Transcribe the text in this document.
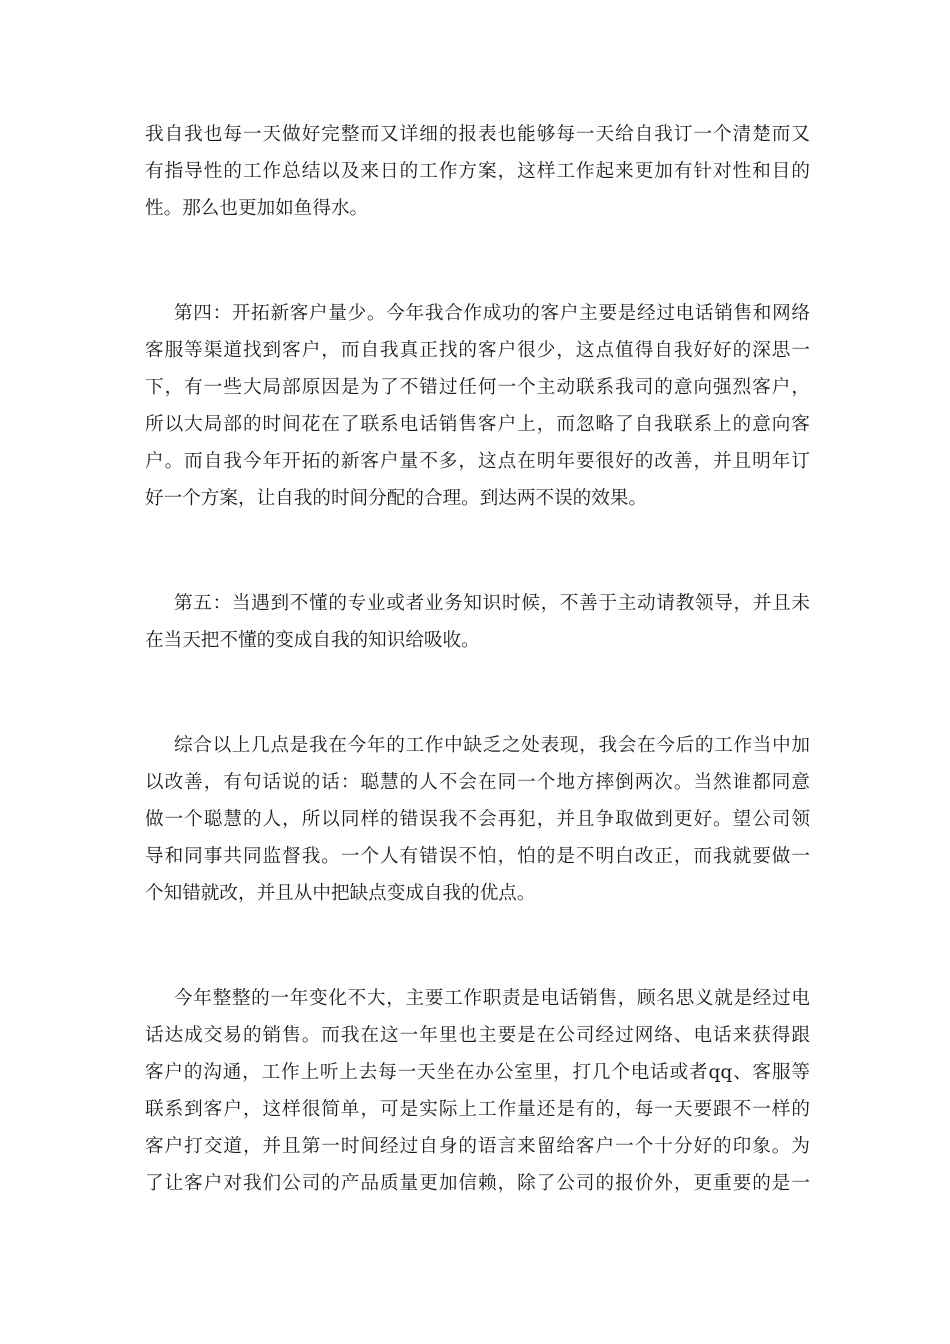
我自我也每一天做好完整而又详细的报表也能够每一天给自我订一个清楚而又
有指导性的工作总结以及来日的工作方案，这样工作起来更加有针对性和目的
性。那么也更加如鱼得水。
第四：开拓新客户量少。今年我合作成功的客户主要是经过电话销售和网络
客服等渠道找到客户，而自我真正找的客户很少，这点值得自我好好的深思一
下，有一些大局部原因是为了不错过任何一个主动联系我司的意向强烈客户，
所以大局部的时间花在了联系电话销售客户上，而忽略了自我联系上的意向客
户。而自我今年开拓的新客户量不多，这点在明年要很好的改善，并且明年订
好一个方案，让自我的时间分配的合理。到达两不误的效果。
第五：当遇到不懂的专业或者业务知识时候，不善于主动请教领导，并且未
在当天把不懂的变成自我的知识给吸收。
综合以上几点是我在今年的工作中缺乏之处表现，我会在今后的工作当中加
以改善，有句话说的话：聪慧的人不会在同一个地方摔倒两次。当然谁都同意
做一个聪慧的人，所以同样的错误我不会再犯，并且争取做到更好。望公司领
导和同事共同监督我。一个人有错误不怕，怕的是不明白改正，而我就要做一
个知错就改，并且从中把缺点变成自我的优点。
今年整整的一年变化不大，主要工作职责是电话销售，顾名思义就是经过电
话达成交易的销售。而我在这一年里也主要是在公司经过网络、电话来获得跟
客户的沟通，工作上听上去每一天坐在办公室里，打几个电话或者qq、客服等
联系到客户，这样很简单，可是实际上工作量还是有的，每一天要跟不一样的
客户打交道，并且第一时间经过自身的语言来留给客户一个十分好的印象。为
了让客户对我们公司的产品质量更加信赖，除了公司的报价外，更重要的是一
